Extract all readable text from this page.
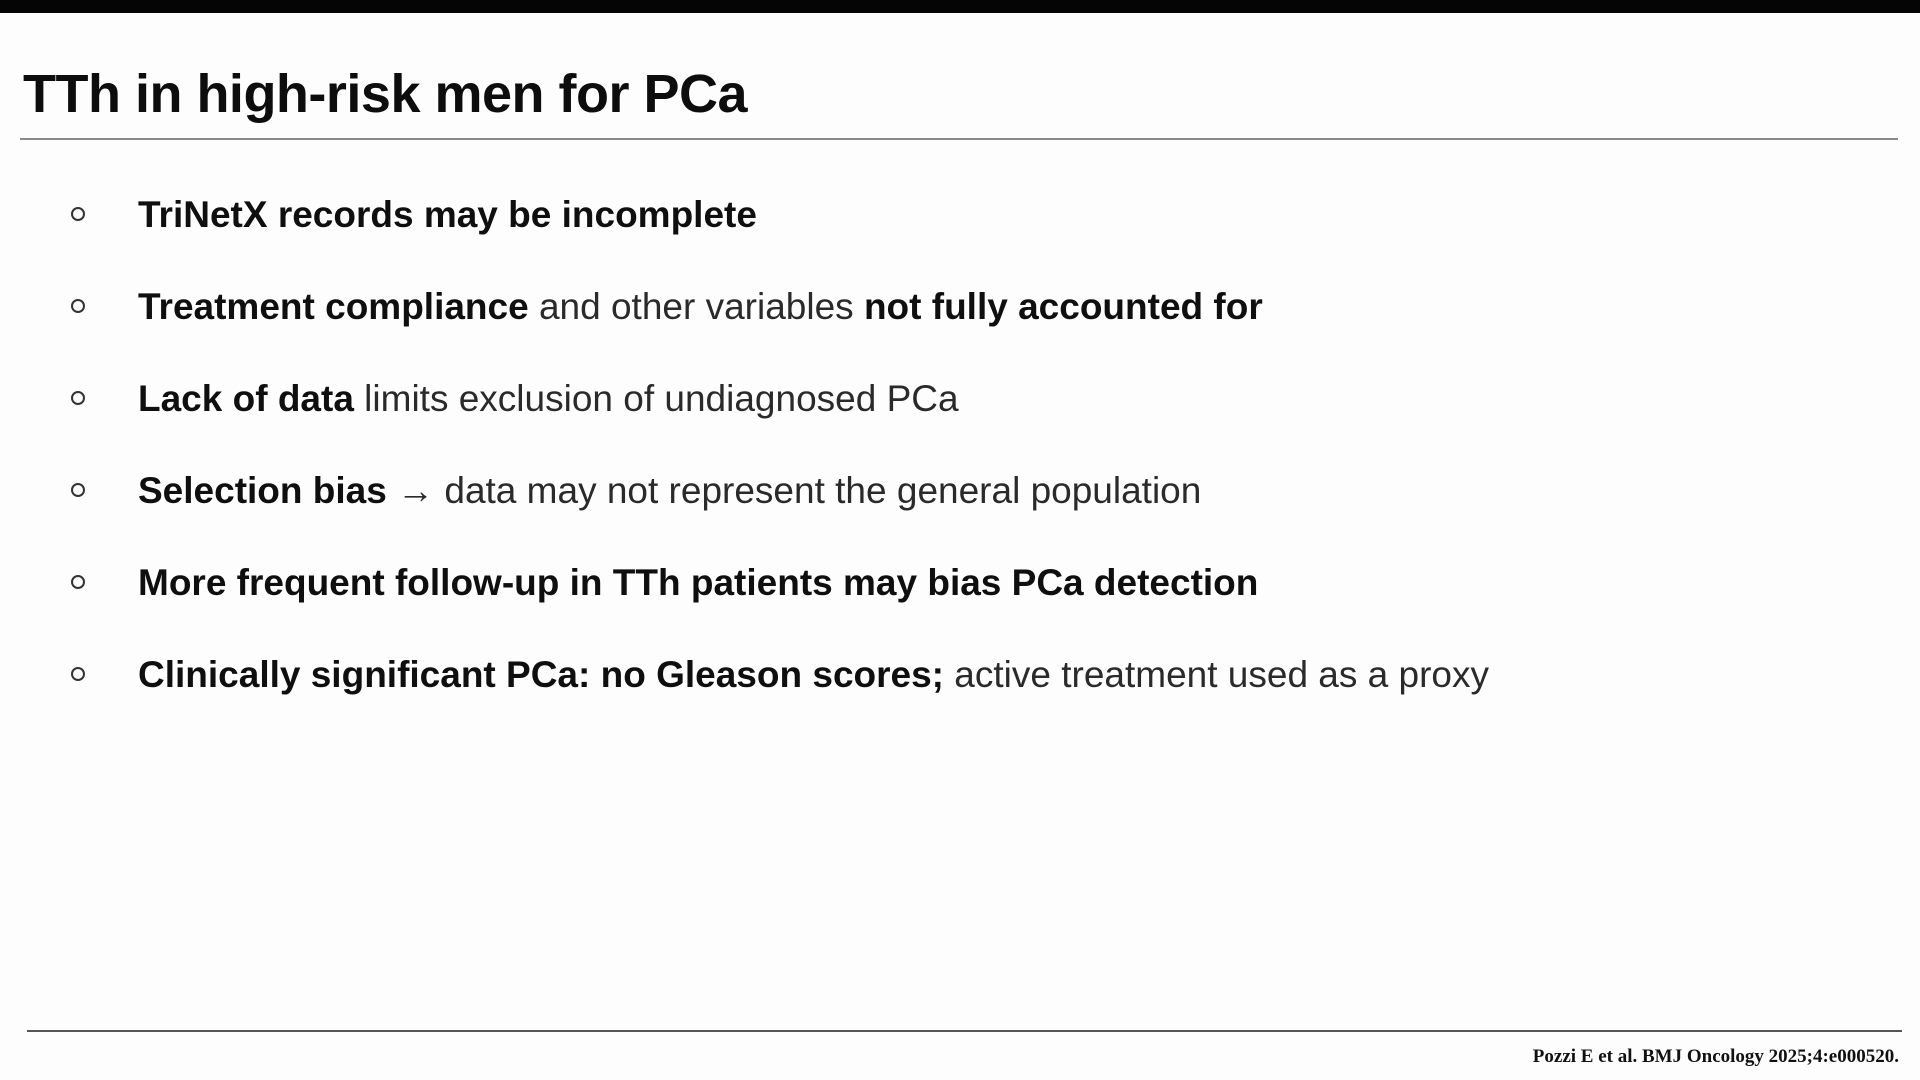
TTh in high-risk men for PCa
TriNetX records may be incomplete
Treatment compliance and other variables not fully accounted for
Lack of data limits exclusion of undiagnosed PCa
Selection bias → data may not represent the general population
More frequent follow-up in TTh patients may bias PCa detection
Clinically significant PCa: no Gleason scores; active treatment used as a proxy
Pozzi E et al. BMJ Oncology 2025;4:e000520.
